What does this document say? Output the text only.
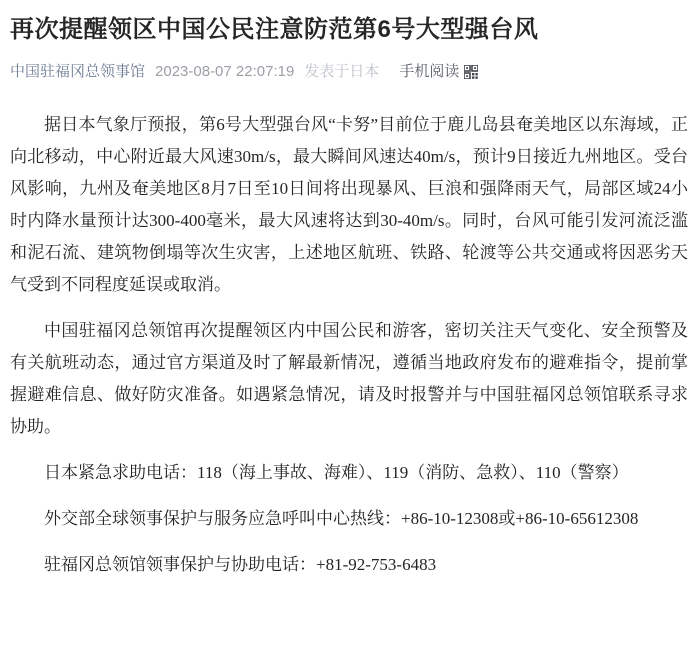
再次提醒领区中国公民注意防范第6号大型强台风
中国驻福冈总领事馆 2023-08-07 22:07:19 发表于日本 手机阅读

据日本气象厅预报，第6号大型强台风“卡努”目前位于鹿儿岛县奄美地区以东海域，正向北移动，中心附近最大风速30m/s，最大瞬间风速达40m/s，预计9日接近九州地区。受台风影响，九州及奄美地区8月7日至10日间将出现暴风、巨浪和强降雨天气，局部区域24小时内降水量预计达300-400毫米，最大风速将达到30-40m/s。同时，台风可能引发河流泛滥和泥石流、建筑物倒塌等次生灾害，上述地区航班、铁路、轮渡等公共交通或将因恶劣天气受到不同程度延误或取消。

中国驻福冈总领馆再次提醒领区内中国公民和游客，密切关注天气变化、安全预警及有关航班动态，通过官方渠道及时了解最新情况，遵循当地政府发布的避难指令，提前掌握避难信息、做好防灾准备。如遇紧急情况，请及时报警并与中国驻福冈总领馆联系寻求协助。

日本紧急求助电话：118（海上事故、海难）、119（消防、急救）、110（警察）

外交部全球领事保护与服务应急呼叫中心热线：+86-10-12308或+86-10-65612308

驻福冈总领馆领事保护与协助电话：+81-92-753-6483
